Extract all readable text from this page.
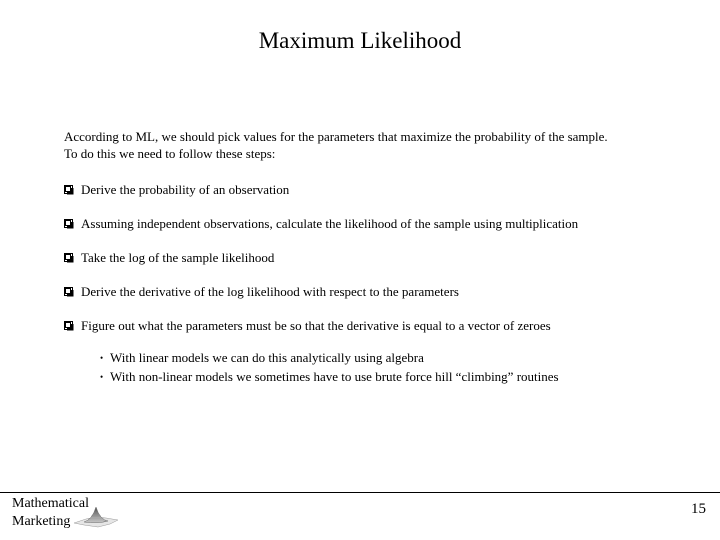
Maximum Likelihood
According to ML, we should pick values for the parameters that maximize the probability of the sample.
To do this we need to follow these steps:
Derive the probability of an observation
Assuming independent observations, calculate the likelihood of the sample using multiplication
Take the log of the sample likelihood
Derive the derivative of the log likelihood with respect to the parameters
Figure out what the parameters must be so that the derivative is equal to a vector of zeroes
• With linear models we can do this analytically using algebra
• With non-linear models we sometimes have to use brute force hill “climbing” routines
Mathematical
Marketing
15
